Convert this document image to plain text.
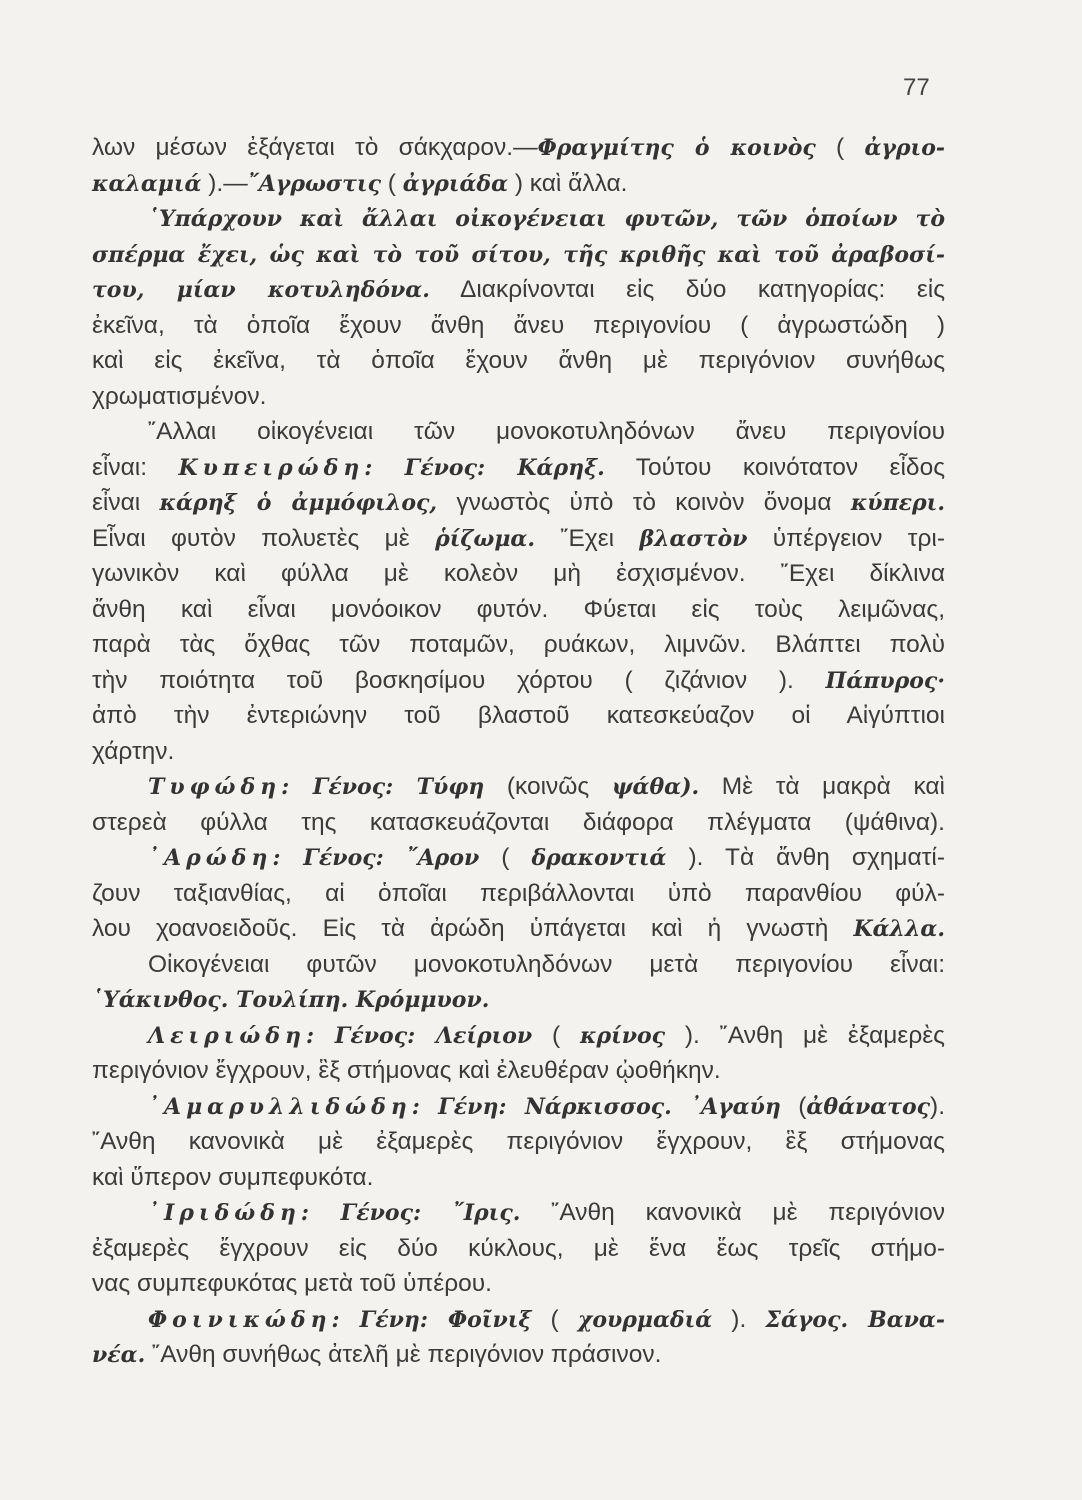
77
λων μέσων ἐξάγεται τὸ σάκχαρον.—Φραγμίτης ὁ κοινὸς ( ἀγριο-
καλαμιά ).—῎Αγρωστις ( ἀγριάδα ) καὶ ἄλλα.
῾Υπάρχουν καὶ ἄλλαι οἰκογένειαι φυτῶν, τῶν ὁποίων τὸ
σπέρμα ἔχει, ὡς καὶ τὸ τοῦ σίτου, τῆς κριθῆς καὶ τοῦ ἀραβοσί-
του, μίαν κοτυληδόνα. Διακρίνονται εἰς δύο κατηγορίας: εἰς
ἐκεῖνα, τὰ ὁποῖα ἔχουν ἄνθη ἄνευ περιγονίου ( ἀγρωστώδη )
καὶ εἰς ἐκεῖνα, τὰ ὁποῖα ἔχουν ἄνθη μὲ περιγόνιον συνήθως
χρωματισμένον.
῎Αλλαι οἰκογένειαι τῶν μονοκοτυληδόνων ἄνευ περιγονίου
εἶναι: Κυπειρώδη: Γένος: Κάρηξ. Τούτου κοινότατον εἶδος
εἶναι κάρηξ ὁ ἀμμόφιλος, γνωστὸς ὑπὸ τὸ κοινὸν ὄνομα κύπερι.
Εἶναι φυτὸν πολυετὲς μὲ ῥίζωμα. ῎Εχει βλαστὸν ὑπέργειον τρι-
γωνικὸν καὶ φύλλα μὲ κολεὸν μὴ ἐσχισμένον. ῎Εχει δίκλινα
ἄνθη καὶ εἶναι μονόοικον φυτόν. Φύεται εἰς τοὺς λειμῶνας,
παρὰ τὰς ὄχθας τῶν ποταμῶν, ρυάκων, λιμνῶν. Βλάπτει πολὺ
τὴν ποιότητα τοῦ βοσκησίμου χόρτου ( ζιζάνιον ). Πάπυρος·
ἀπὸ τὴν ἐντεριώνην τοῦ βλαστοῦ κατεσκεύαζον οἱ Αἰγύπτιοι
χάρτην.
Τυφώδη: Γένος: Τύφη (κοινῶς ψάθα). Μὲ τὰ μακρὰ καὶ
στερεὰ φύλλα της κατασκευάζονται διάφορα πλέγματα (ψάθινα).
᾿Αρώδη: Γένος: ῎Αρον ( δρακοντιά ). Τὰ ἄνθη σχηματί-
ζουν ταξιανθίας, αἱ ὁποῖαι περιβάλλονται ὑπὸ παρανθίου φύλ-
λου χοανοειδοῦς. Εἰς τὰ ἀρώδη ὑπάγεται καὶ ἡ γνωστὴ Κάλλα.
Οἰκογένειαι φυτῶν μονοκοτυληδόνων μετὰ περιγονίου εἶναι:
῾Υάκινθος. Τουλίπη. Κρόμμυον.
Λειριώδη: Γένος: Λείριον ( κρίνος ). ῎Ανθη μὲ ἐξαμερὲς
περιγόνιον ἔγχρουν, ἓξ στήμονας καὶ ἐλευθέραν ᾠοθήκην.
᾿Αμαρυλλιδώδη: Γένη: Νάρκισσος. ᾿Αγαύη (ἀθάνατος).
῎Ανθη κανονικὰ μὲ ἐξαμερὲς περιγόνιον ἔγχρουν, ἓξ στήμονας
καὶ ὕπερον συμπεφυκότα.
᾿Ιριδώδη: Γένος: ῎Ιρις. ῎Ανθη κανονικὰ μὲ περιγόνιον
ἐξαμερὲς ἔγχρουν εἰς δύο κύκλους, μὲ ἕνα ἕως τρεῖς στήμο-
νας συμπεφυκότας μετὰ τοῦ ὑπέρου.
Φοινικώδη: Γένη: Φοῖνιξ ( χουρμαδιά ). Σάγος. Βανα-
νέα. ῎Ανθη συνήθως ἀτελῆ μὲ περιγόνιον πράσινον.
